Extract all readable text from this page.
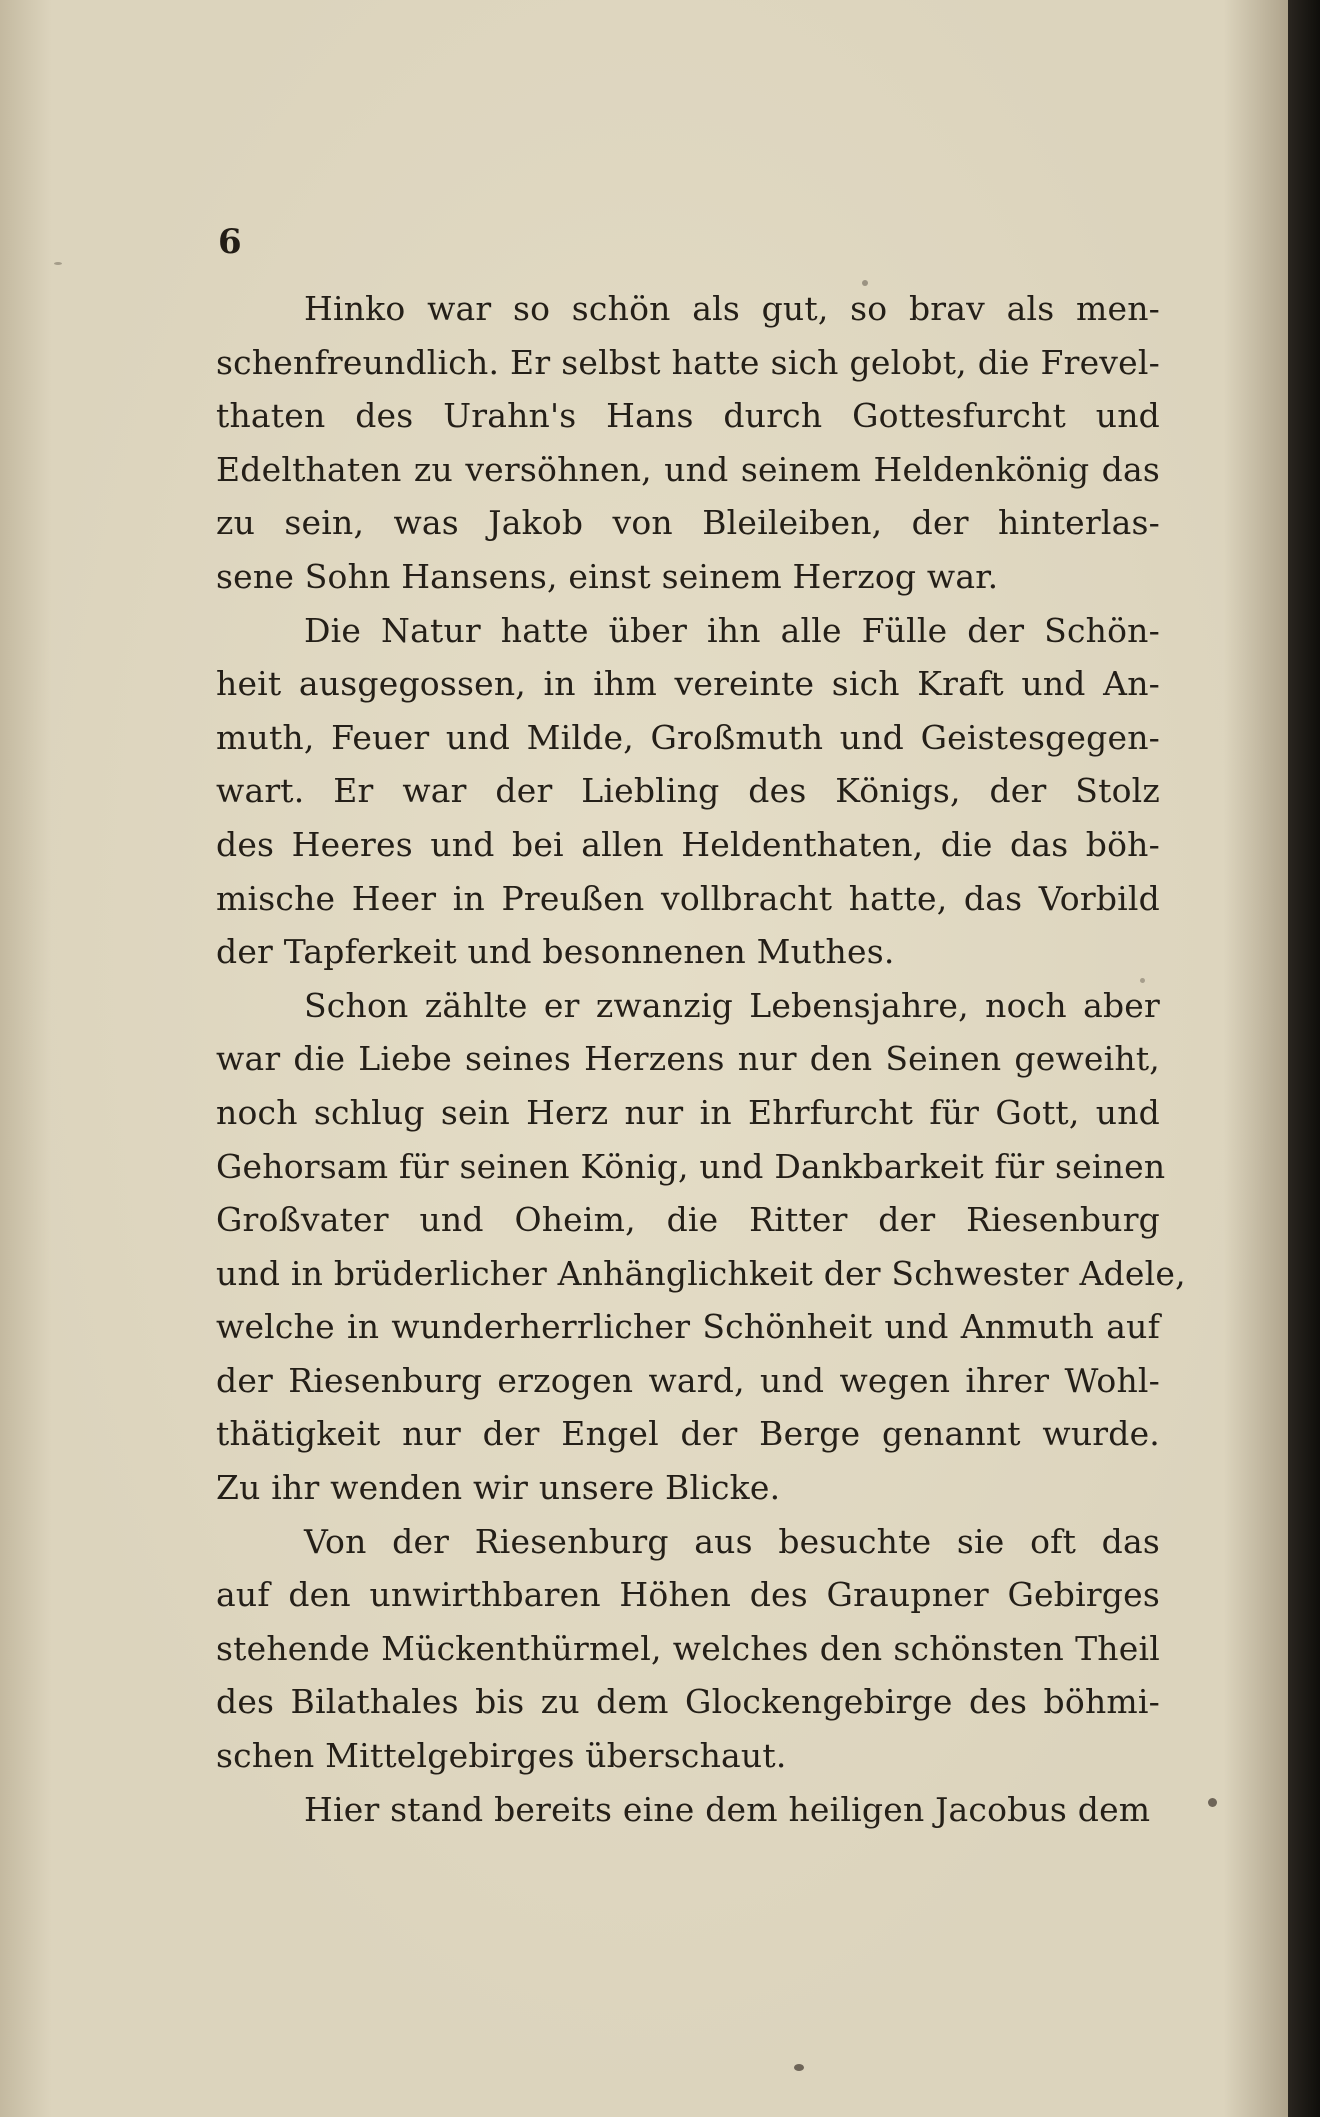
6
Hinko war so schön als gut, so brav als men-
schenfreundlich. Er selbst hatte sich gelobt, die Frevel-
thaten des Urahn's Hans durch Gottesfurcht und
Edelthaten zu versöhnen, und seinem Heldenkönig das
zu sein, was Jakob von Bleileiben, der hinterlas-
sene Sohn Hansens, einst seinem Herzog war.
Die Natur hatte über ihn alle Fülle der Schön-
heit ausgegossen, in ihm vereinte sich Kraft und An-
muth, Feuer und Milde, Großmuth und Geistesgegen-
wart. Er war der Liebling des Königs, der Stolz
des Heeres und bei allen Heldenthaten, die das böh-
mische Heer in Preußen vollbracht hatte, das Vorbild
der Tapferkeit und besonnenen Muthes.
Schon zählte er zwanzig Lebensjahre, noch aber
war die Liebe seines Herzens nur den Seinen geweiht,
noch schlug sein Herz nur in Ehrfurcht für Gott, und
Gehorsam für seinen König, und Dankbarkeit für seinen
Großvater und Oheim, die Ritter der Riesenburg
und in brüderlicher Anhänglichkeit der Schwester Adele,
welche in wunderherrlicher Schönheit und Anmuth auf
der Riesenburg erzogen ward, und wegen ihrer Wohl-
thätigkeit nur der Engel der Berge genannt wurde.
Zu ihr wenden wir unsere Blicke.
Von der Riesenburg aus besuchte sie oft das
auf den unwirthbaren Höhen des Graupner Gebirges
stehende Mückenthürmel, welches den schönsten Theil
des Bilathales bis zu dem Glockengebirge des böhmi-
schen Mittelgebirges überschaut.
Hier stand bereits eine dem heiligen Jacobus dem
